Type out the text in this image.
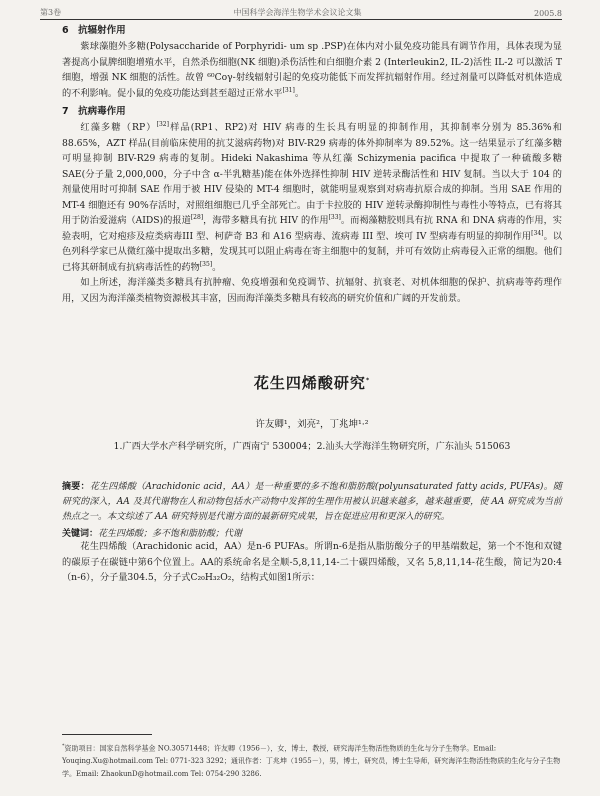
第3卷	中国科学会海洋生物学术会议论文集	2005.8
6　抗辐射作用

紫球藻胞外多糖(Polysaccharide of Porphyridi- um sp .PSP)在体内对小鼠免疫功能具有调节作用，具体表现为显著提高小鼠脾细胞增殖水平，自然杀伤细胞(NK 细胞)杀伤活性和白细胞介素 2 (Interleukin2, IL-2)活性 IL-2 可以激活 T 细胞，增强 NK 细胞的活性。故曾 ⁶⁰Coγ-射线辐射引起的免疫功能低下而发挥抗辐射作用。经过剂量可以降低对机体造成的不利影响。促小鼠的免疫功能达到甚至超过正常水平[31]。

7　抗病毒作用

红藻多糖（RP）[32]样品(RP1、RP2)对 HIV 病毒的生长具有明显的抑制作用，其抑制率分别为 85.36%和 88.65%，AZT 样品(目前临床使用的抗艾滋病药物)对 BIV-R29 病毒的体外抑制率为 89.52%。这一结果显示了红藻多糖可明显抑制 BIV-R29 病毒的复制。Hideki Nakashima 等从红藻 Schizymenia pacifica 中提取了一种硫酸多糖 SAE(分子量 2,000,000，分子中含 α-半乳糖基)能在体外选择性抑制 HIV 逆转录酶活性和 HIV 复制。当以大于 104 的剂量使用时可抑制 SAE 作用于被 HIV 侵染的 MT-4 细胞时，就能明显观察到对病毒抗原合成的抑制。当用 SAE 作用的 MT-4 细胞还有 90%存活时，对照组细胞已几乎全部死亡。由于卡拉胶的 HIV 逆转录酶抑制性与毒性小等特点，已有将其用于防治爱滋病（AIDS)的报道[28]，海带多糖具有抗 HIV 的作用[33]。而褐藻糖胶则具有抗 RNA 和 DNA 病毒的作用，实验表明，它对疱疹及痘类病毒III 型、柯萨奇 B3 和 A16 型病毒、流病毒 III 型、埃可 IV 型病毒有明显的抑制作用[34]。以色列科学家已从微红藻中提取出多糖，发现其可以阻止病毒在寄主细胞中的复制，并可有效防止病毒侵入正常的细胞。他们已将其研制成有抗病毒活性的药物[35]。

如上所述，海洋藻类多糖具有抗肿瘤、免疫增强和免疫调节、抗辐射、抗衰老、对机体细胞的保护、抗病毒等药理作用，又因为海洋藻类植物资源极其丰富，因而海洋藻类多糖具有较高的研究价值和广阔的开发前景。

花生四烯酸研究*
许友卿¹，刘亮²，丁兆坤¹·²
1.广西大学水产科学研究所，广西南宁 530004；2.汕头大学海洋生物研究所，广东汕头 515063
摘要：花生四烯酸（Arachidonic acid，AA）是一种重要的多不饱和脂肪酸(polyunsaturated fatty acids, PUFAs)。随研究的深入，AA 及其代谢物在人和动物包括水产动物中发挥的生理作用被认识越来越多，越来越重要，使 AA 研究成为当前热点之一。本文综述了 AA 研究特别是代谢方面的最新研究成果，旨在促进应用和更深入的研究。
关键词：花生四烯酸；多不饱和脂肪酸；代谢

花生四烯酸（Arachidonic acid，AA）是n-6 PUFAs。所谓n-6是指从脂肪酸分子的甲基端数起，第一个不饱和双键的碳原子在碳链中第6个位置上。AA的系统命名是全顺-5,8,11,14-二十碳四烯酸，又名 5,8,11,14-花生酸，简记为20:4（n-6），分子量304.5，分子式C₂₀H₃₂O₂，结构式如图1所示：

*资助项目：国家自然科学基金 NO.30571448；许友卿（1956－），女，博士，教授，研究海洋生物活性物质的生化与分子生物学。Email: Youqing.Xu@hotmail.com Tel: 0771-323 3292；通讯作者：丁兆坤（1955－），男，博士，研究员，博士生导师，研究海洋生物活性物质的生化与分子生物学。Email: ZhaokunD@hotmail.com Tel: 0754-290 3286.
